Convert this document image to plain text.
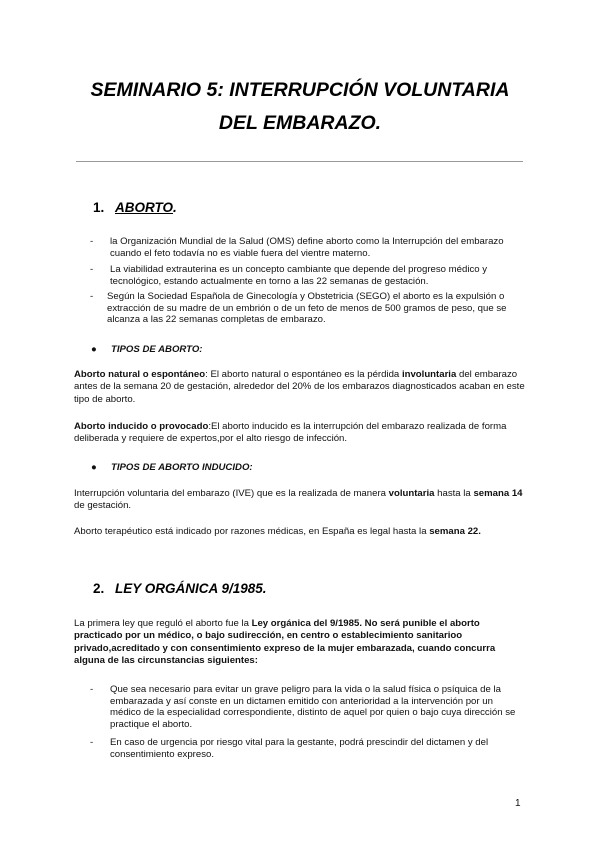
SEMINARIO 5: INTERRUPCIÓN VOLUNTARIA
DEL EMBARAZO.
1. ABORTO.
- la Organización Mundial de la Salud (OMS) define aborto como la Interrupción del embarazo cuando el feto todavía no es viable fuera del vientre materno.
- La viabilidad extrauterina es un concepto cambiante que depende del progreso médico y tecnológico, estando actualmente en torno a las 22 semanas de gestación.
- Según la Sociedad Española de Ginecología y Obstetricia (SEGO) el aborto es la expulsión o extracción de su madre de un embrión o de un feto de menos de 500 gramos de peso, que se alcanza a las 22 semanas completas de embarazo.
● TIPOS DE ABORTO:
Aborto natural o espontáneo: El aborto natural o espontáneo es la pérdida involuntaria del embarazo antes de la semana 20 de gestación, alrededor del 20% de los embarazos diagnosticados acaban en este tipo de aborto.
Aborto inducido o provocado:El aborto inducido es la interrupción del embarazo realizada de forma deliberada y requiere de expertos,por el alto riesgo de infección.
● TIPOS DE ABORTO INDUCIDO:
Interrupción voluntaria del embarazo (IVE) que es la realizada de manera voluntaria hasta la semana 14 de gestación.
Aborto terapéutico está indicado por razones médicas, en España es legal hasta la semana 22.
2. LEY ORGÁNICA 9/1985.
La primera ley que reguló el aborto fue la Ley orgánica del 9/1985. No será punible el aborto practicado por un médico, o bajo sudirección, en centro o establecimiento sanitarioo privado,acreditado y con consentimiento expreso de la mujer embarazada, cuando concurra alguna de las circunstancias siguientes:
- Que sea necesario para evitar un grave peligro para la vida o la salud física o psíquica de la embarazada y así conste en un dictamen emitido con anterioridad a la intervención por un médico de la especialidad correspondiente, distinto de aquel por quien o bajo cuya dirección se practique el aborto.
- En caso de urgencia por riesgo vital para la gestante, podrá prescindir del dictamen y del consentimiento expreso.
1
